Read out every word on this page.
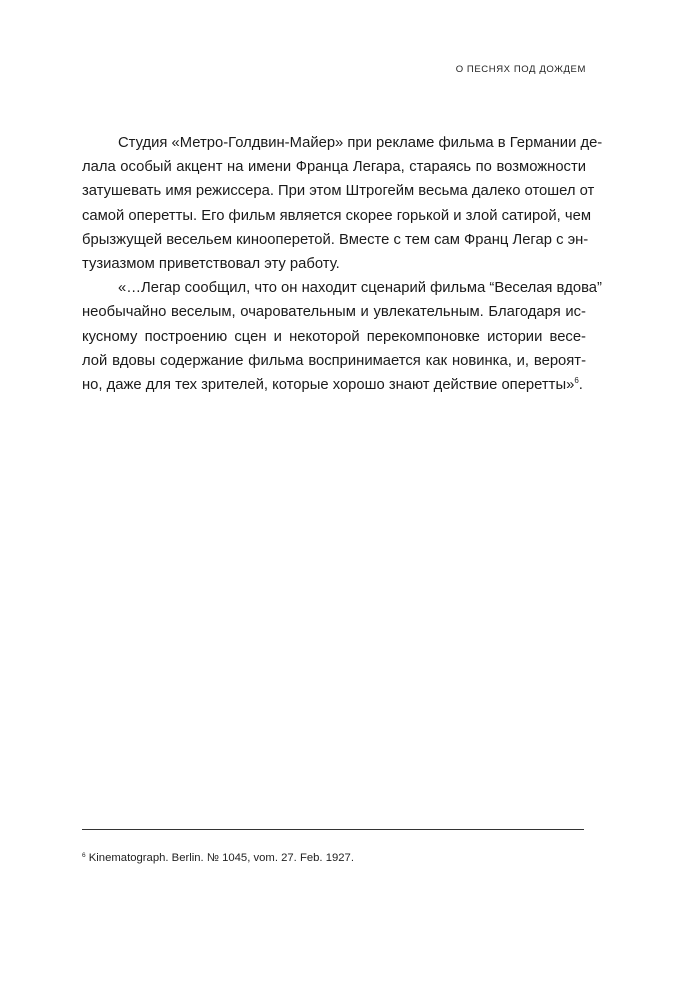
О ПЕСНЯХ ПОД ДОЖДЕМ
Студия «Метро-Голдвин-Майер» при рекламе фильма в Германии де-
лала особый акцент на имени Франца Легара, стараясь по возможности
затушевать имя режиссера. При этом Штрогейм весьма далеко отошел от
самой оперетты. Его фильм является скорее горькой и злой сатирой, чем
брызжущей весельем кинооперетой. Вместе с тем сам Франц Легар с эн-
тузиазмом приветствовал эту работу.
«…Легар сообщил, что он находит сценарий фильма “Веселая вдова”
необычайно веселым, очаровательным и увлекательным. Благодаря ис-
кусному построению сцен и некоторой перекомпоновке истории весе-
лой вдовы содержание фильма воспринимается как новинка, и, вероят-
но, даже для тех зрителей, которые хорошо знают действие оперетты»$^6$.
$^6$ Kinematograph. Berlin. № 1045, vom. 27. Feb. 1927.
